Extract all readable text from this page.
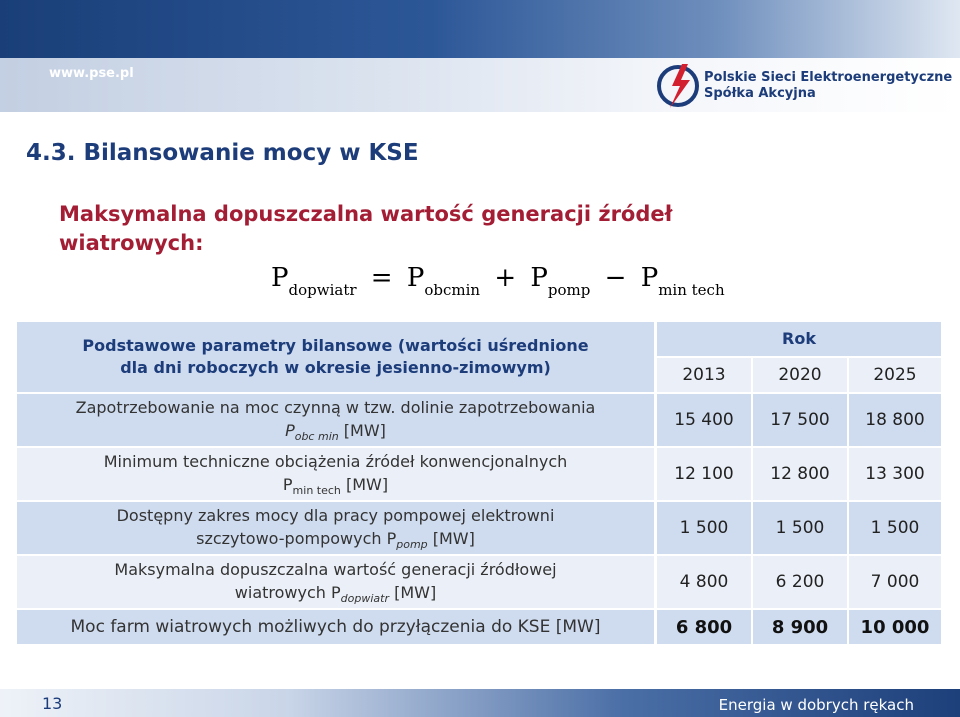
www.pse.pl	Polskie Sieci Elektroenergetyczne
Spółka Akcyjna
4.3. Bilansowanie mocy w KSE
Maksymalna dopuszczalna wartość generacji źródeł
wiatrowych:
$P_{dopwiatr} = P_{obcmin} + P_{pomp} - P_{min tech}$
Podstawowe parametry bilansowe (wartości uśrednione
dla dni roboczych w okresie jesienno-zimowym)
Rok
2013	2020	2025
Zapotrzebowanie na moc czynną w tzw. dolinie zapotrzebowania
$P_{obc min}$ [MW]
15 400	17 500	18 800
Minimum techniczne obciążenia źródeł konwencjonalnych
$P_{min tech}$ [MW]
12 100	12 800	13 300
Dostępny zakres mocy dla pracy pompowej elektrowni
szczytowo-pompowych $P_{pomp}$ [MW]
1 500	1 500	1 500
Maksymalna dopuszczalna wartość generacji źródłowej
wiatrowych $P_{dopwiatr}$ [MW]
4 800	6 200	7 000
Moc farm wiatrowych możliwych do przyłączenia do KSE [MW]	6 800	8 900	10 000
13	Energia w dobrych rękach
